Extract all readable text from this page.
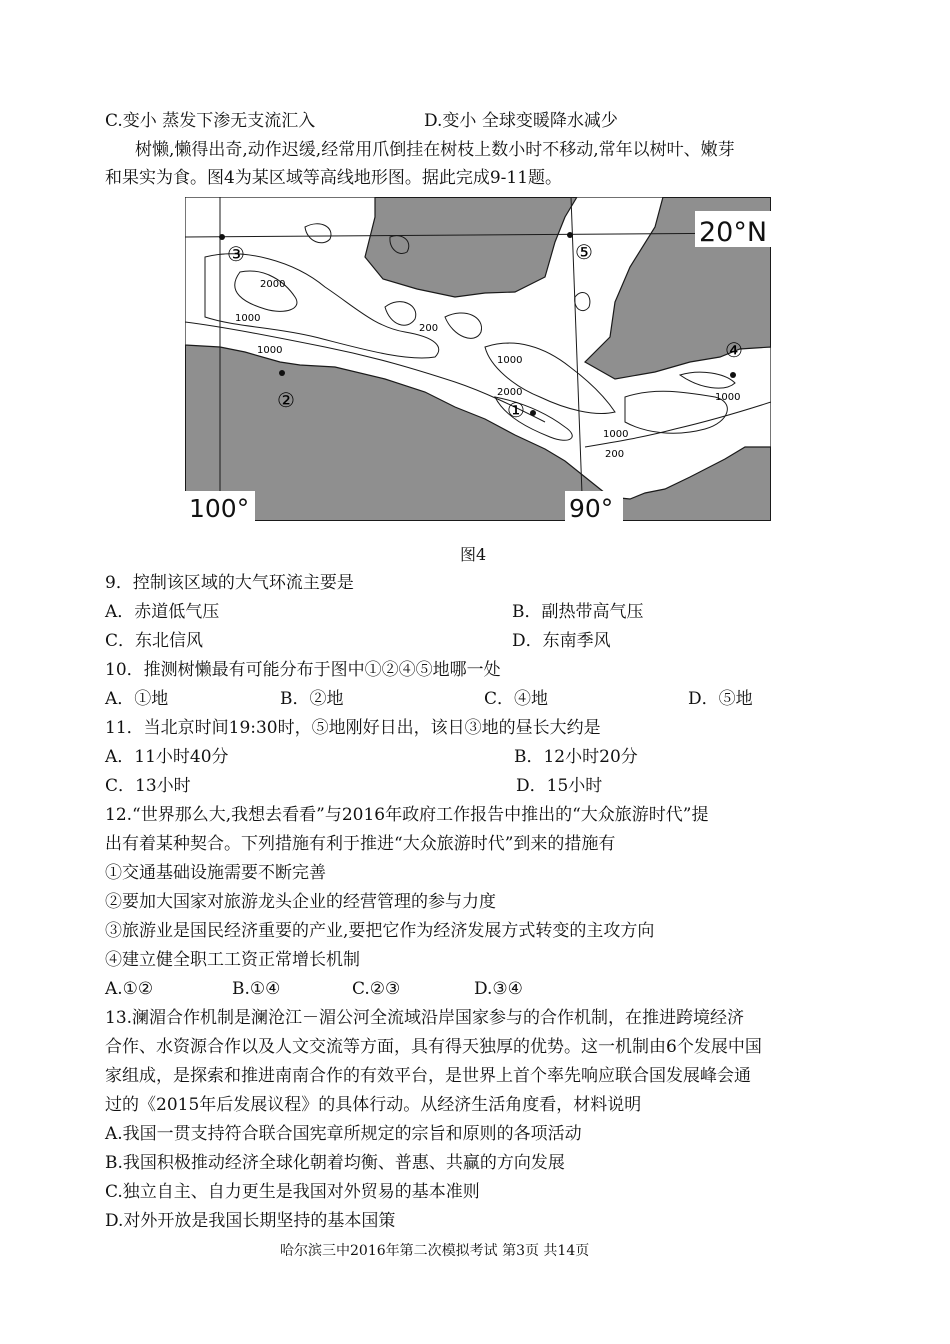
C.变小 蒸发下渗无支流汇入	D.变小 全球变暖降水减少
树懒,懒得出奇,动作迟缓,经常用爪倒挂在树枝上数小时不移动,常年以树叶、嫩芽
和果实为食。图4为某区域等高线地形图。据此完成9-11题。
20°N
100°	90°
2000
1000
1000
200
1000
2000
1000
200
1000
③	⑤
②	①
④
图4
9．控制该区域的大气环流主要是
A．赤道低气压	B．副热带高气压
C．东北信风	D．东南季风
10．推测树懒最有可能分布于图中①②④⑤地哪一处
A．①地	B．②地	C．④地	D．⑤地
11．当北京时间19:30时，⑤地刚好日出，该日③地的昼长大约是
A．11小时40分	B．12小时20分
C．13小时	D．15小时
12.“世界那么大,我想去看看”与2016年政府工作报告中推出的“大众旅游时代”提
出有着某种契合。下列措施有利于推进“大众旅游时代”到来的措施有
①交通基础设施需要不断完善
②要加大国家对旅游龙头企业的经营管理的参与力度
③旅游业是国民经济重要的产业,要把它作为经济发展方式转变的主攻方向
④建立健全职工工资正常增长机制
A.①②	B.①④	C.②③	D.③④
13.澜湄合作机制是澜沧江－湄公河全流域沿岸国家参与的合作机制，在推进跨境经济
合作、水资源合作以及人文交流等方面，具有得天独厚的优势。这一机制由6个发展中国
家组成，是探索和推进南南合作的有效平台，是世界上首个率先响应联合国发展峰会通
过的《2015年后发展议程》的具体行动。从经济生活角度看，材料说明
A.我国一贯支持符合联合国宪章所规定的宗旨和原则的各项活动
B.我国积极推动经济全球化朝着均衡、普惠、共赢的方向发展
C.独立自主、自力更生是我国对外贸易的基本准则
D.对外开放是我国长期坚持的基本国策
哈尔滨三中2016年第二次模拟考试 第3页 共14页
